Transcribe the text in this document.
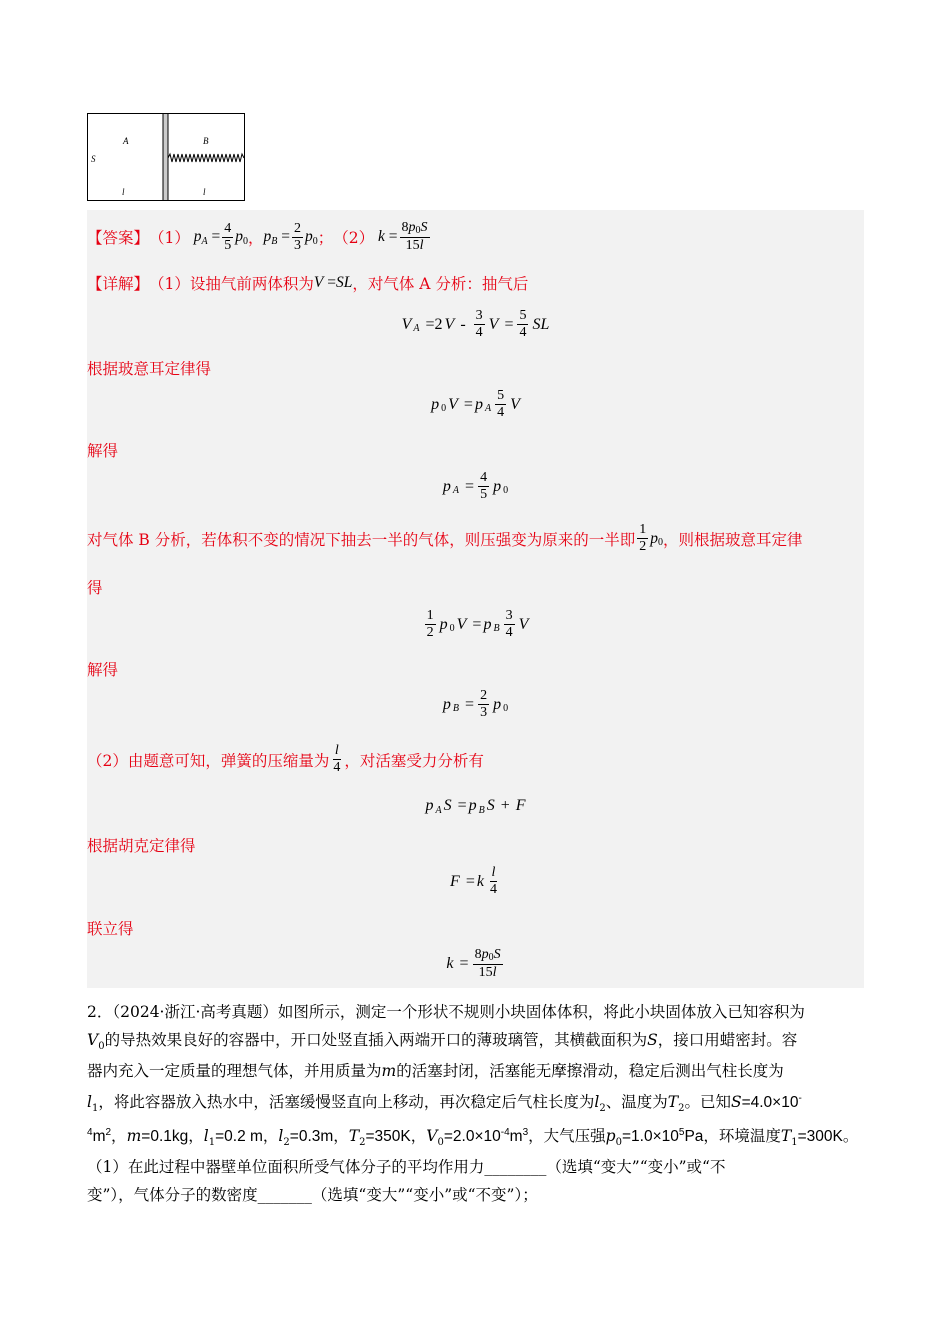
A	B
S
l	l
【答案】 （1）
p $A = \frac{4}{5}$ p 0 ， p $B = \frac{2}{3}$ p 0 ； （2）
$k = \frac{8p0S}{15l}$
【详解】 （1）设抽气前两体积为 V =SL ，对气体 A 分析：抽气后
V A =2 V - $\frac{3}{4}$ $V = \frac{5}{4}$ SL
根据玻意耳定律得
p 0 V = p A $\frac{5}{4}$ V
解得
p $A = \frac{4}{5}$ p 0
对气体 B 分析，若体积不变的情况下抽去一半的气体，则压强变为原来的一半即 $\frac{1}{2}$ p 0 ，则根据玻意耳定律
得
$\frac{1}{2}$ p 0 V = p B $\frac{3}{4}$ V
解得
p $B = \frac{2}{3}$ p 0
（2）由题意可知，弹簧的压缩量为 $\frac{l}{4}$ ，对活塞受力分析有
p A S = p B S + F
根据胡克定律得
F = k $\frac{l}{4}$
联立得
$k = \frac{8p0S}{15l}$
2．（2024·浙江·高考真题）如图所示，测定一个形状不规则小块固体体积，将此小块固体放入已知容积为
$V_0$的导热效果良好的容器中，开口处竖直插入两端开口的薄玻璃管，其横截面积为S，接口用蜡密封。容
器内充入一定质量的理想气体，并用质量为m的活塞封闭，活塞能无摩擦滑动，稳定后测出气柱长度为
$l_1$，将此容器放入热水中，活塞缓慢竖直向上移动，再次稳定后气柱长度为$l_2$、温度为$T_2$。已知S=4.0×10-
$^4m^2$，m=0.1kg，$l_1=0.2$ m，$l_2=0.3m$，$T_2=350K$，$V_0=2.0\times 10^{-4}m^3$，大气压强$p_0=1.0\times 10^5Pa$，环境温度$T_1=300K$。
（1）在此过程中器壁单位面积所受气体分子的平均作用力________（选填“变大”“变小”或“不
变”），气体分子的数密度_______（选填“变大”“变小”或“不变”）；
